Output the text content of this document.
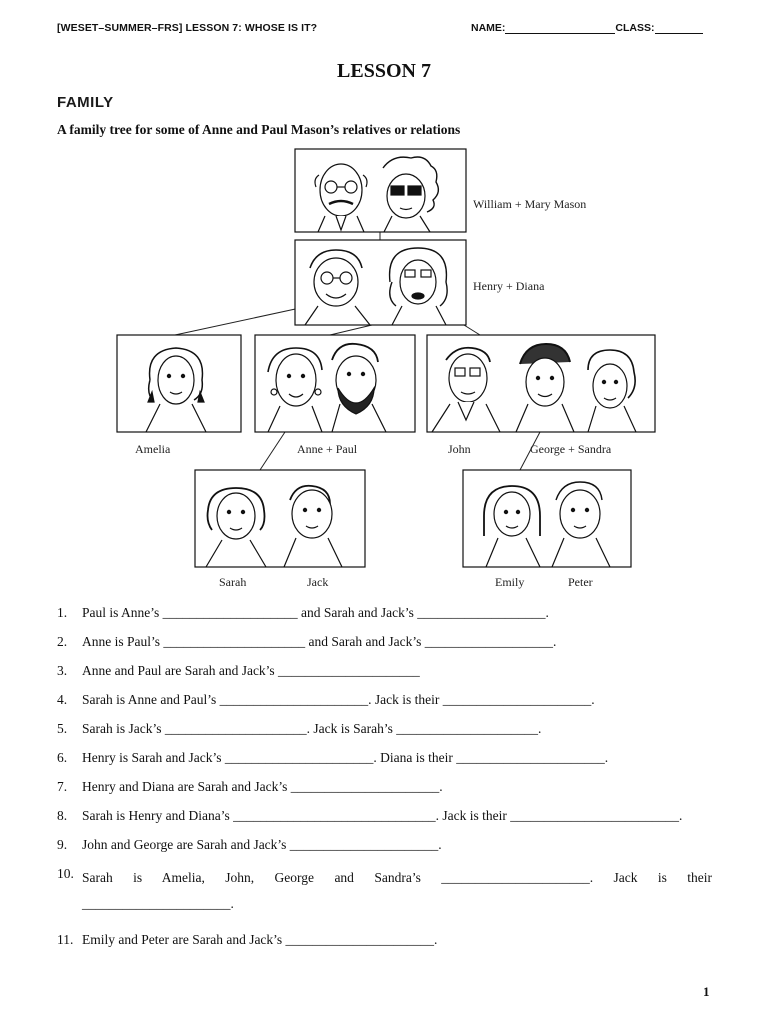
[WESET–SUMMER–FRS] LESSON 7: WHOSE IS IT?	NAME:	CLASS:
LESSON 7
FAMILY
A family tree for some of Anne and Paul Mason’s relatives or relations
William + Mary Mason
Henry + Diana
Amelia	Anne + Paul	John	George + Sandra
Sarah	Jack	Emily	Peter
1.	Paul is Anne’s ____________________ and Sarah and Jack’s ___________________.
2.	Anne is Paul’s _____________________ and Sarah and Jack’s ___________________.
3.	Anne and Paul are Sarah and Jack’s _____________________
4.	Sarah is Anne and Paul’s ______________________. Jack is their ______________________.
5.	Sarah is Jack’s _____________________. Jack is Sarah’s _____________________.
6.	Henry is Sarah and Jack’s ______________________. Diana is their ______________________.
7.	Henry and Diana are Sarah and Jack’s ______________________.
8.	Sarah is Henry and Diana’s ______________________________. Jack is their _________________________.
9.	John and George are Sarah and Jack’s ______________________.
10. Sarah is Amelia, John, George and Sandra’s ______________________. Jack is their ______________________.
11. Emily and Peter are Sarah and Jack’s ______________________.
1
